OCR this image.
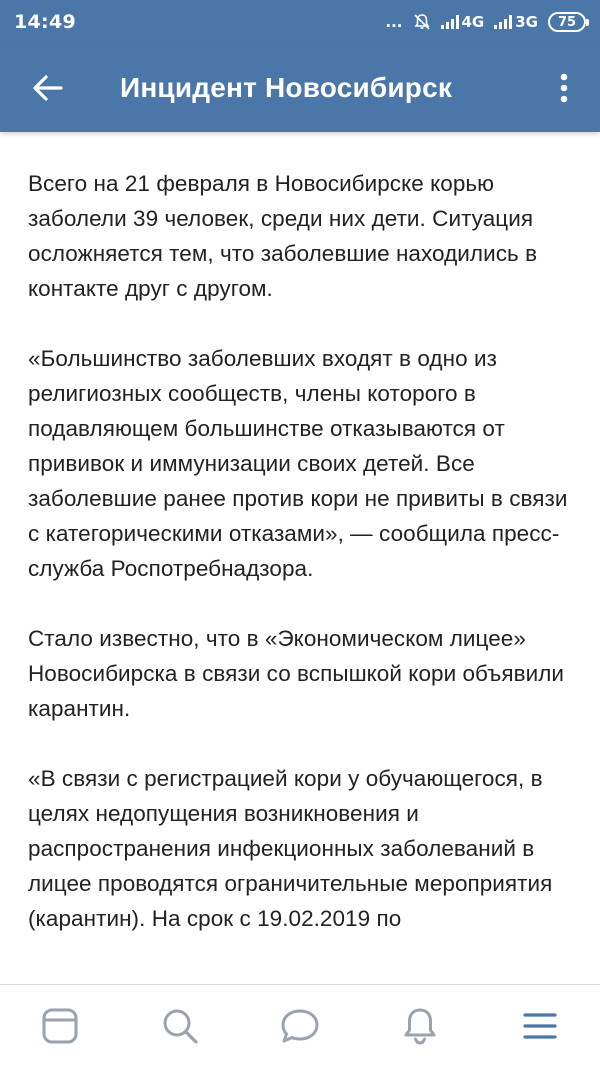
14:49	...	4G 3G	75
Инцидент Новосибирск

Всего на 21 февраля в Новосибирске корью заболели 39 человек, среди них дети. Ситуация осложняется тем, что заболевшие находились в контакте друг с другом.

«Большинство заболевших входят в одно из религиозных сообществ, члены которого в подавляющем большинстве отказываются от прививок и иммунизации своих детей. Все заболевшие ранее против кори не привиты в связи с категорическими отказами», — сообщила пресс-служба Роспотребнадзора.

Стало известно, что в «Экономическом лицее» Новосибирска в связи со вспышкой кори объявили карантин.

«В связи с регистрацией кори у обучающегося, в целях недопущения возникновения и распространения инфекционных заболеваний в лицее проводятся ограничительные мероприятия (карантин). На срок с 19.02.2019 по
